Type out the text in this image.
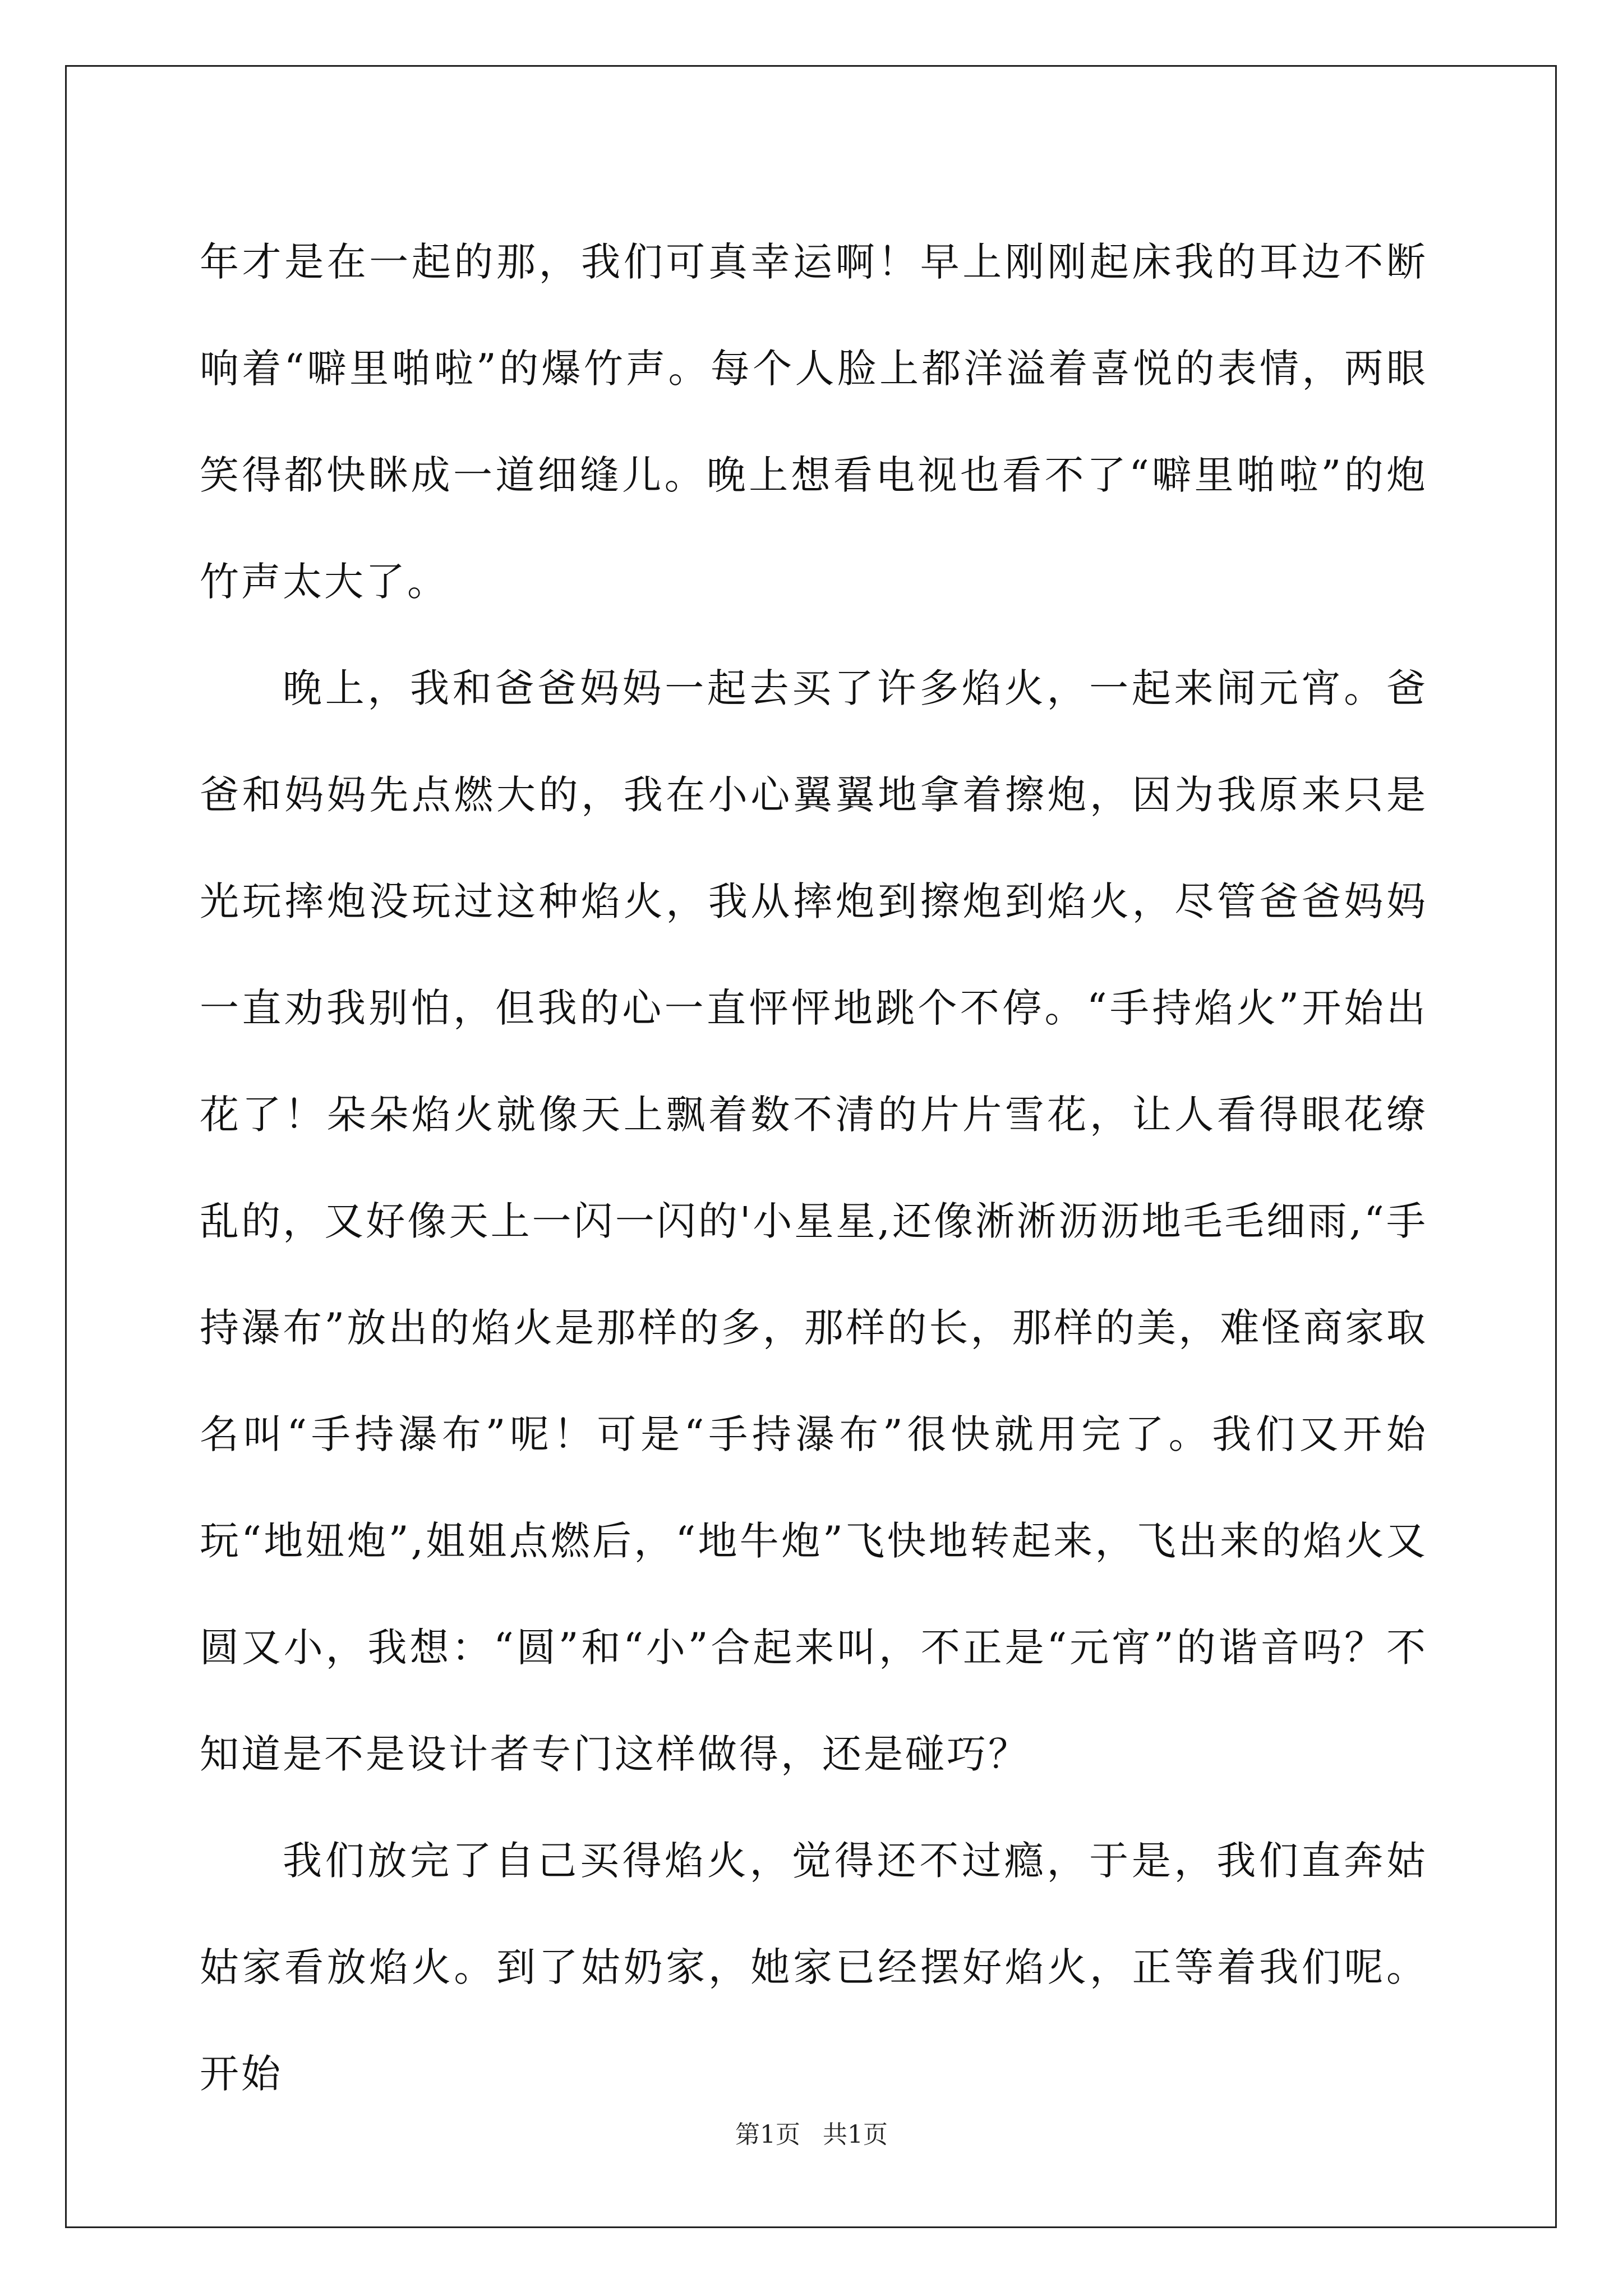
年才是在一起的那，我们可真幸运啊！早上刚刚起床我的耳边不断响着“噼里啪啦”的爆竹声。每个人脸上都洋溢着喜悦的表情，两眼笑得都快眯成一道细缝儿。晚上想看电视也看不了“噼里啪啦”的炮竹声太大了。

晚上，我和爸爸妈妈一起去买了许多焰火，一起来闹元宵。爸爸和妈妈先点燃大的，我在小心翼翼地拿着擦炮，因为我原来只是光玩摔炮没玩过这种焰火，我从摔炮到擦炮到焰火，尽管爸爸妈妈一直劝我别怕，但我的心一直怦怦地跳个不停。“手持焰火”开始出花了！朵朵焰火就像天上飘着数不清的片片雪花，让人看得眼花缭乱的，又好像天上一闪一闪的'小星星,还像淅淅沥沥地毛毛细雨,“手持瀑布”放出的焰火是那样的多，那样的长，那样的美，难怪商家取名叫“手持瀑布”呢！可是“手持瀑布”很快就用完了。我们又开始玩“地妞炮”,姐姐点燃后，“地牛炮”飞快地转起来，飞出来的焰火又圆又小，我想：“圆”和“小”合起来叫，不正是“元宵”的谐音吗？不知道是不是设计者专门这样做得，还是碰巧？

我们放完了自己买得焰火，觉得还不过瘾，于是，我们直奔姑姑家看放焰火。到了姑奶家，她家已经摆好焰火，正等着我们呢。开始

第1页 共1页
